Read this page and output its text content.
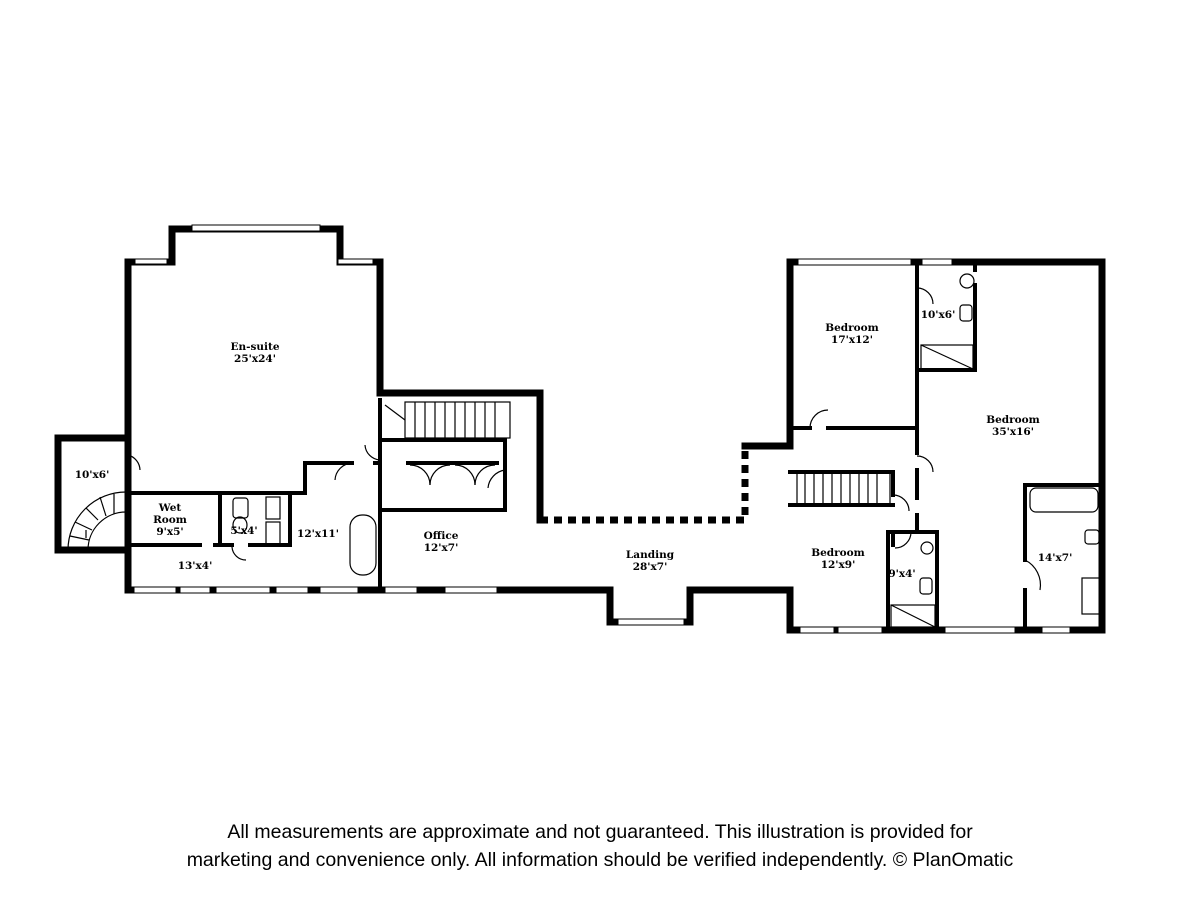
En-suite
25'x24'
10'x6'
Wet
Room
9'x5'
13'x4'
5'x4'	12'x11'	Office
12'x7'
Landing
28'x7'
Bedroom
17'x12'
10'x6'
Bedroom
35'x16'
Bedroom
12'x9'
9'x4'
14'x7'
All measurements are approximate and not guaranteed. This illustration is provided for
marketing and convenience only. All information should be verified independently. © PlanOmatic
